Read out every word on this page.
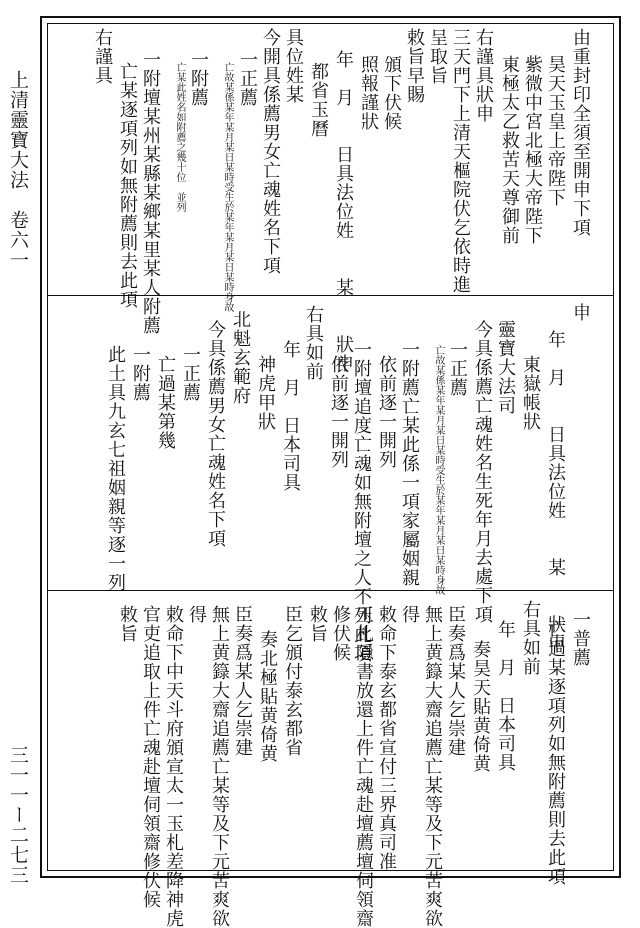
上清靈寶大法　卷六一
三一一ー二七三
由重封印全須至開申下項
昊天玉皇上帝陛下
紫微中宮北極大帝陛下
東極太乙救苦天尊御前
右謹具狀申
三天門下上清天樞院伏乞依時進
呈取旨
敕旨早賜
頒下伏候
照報謹狀
年　月　　日具法位姓　　某　　狀申
都省玉曆
具位姓某
今開具係薦男女亡魂姓名下項
一正薦
亡故某係某年某月某日某時受生於某年某月某日某時身故
一附薦
亡某此姓名如附薦之幾十位　並列
一附壇某州某縣某鄉某里某人附薦
亡某逐項列如無附薦則去此項
右謹具
申
年　月　　日具法位姓　　某　　狀申
東嶽帳狀
靈寶大法司
今具係薦亡魂姓名生死年月去處下項
一正薦
亡故某係某年某月某日某時受生於某年某月某日某時身故
一附薦亡某此係一項家屬姻親
依前逐一開列
一附壇追度亡魂如無附壇之人不列此項
依前逐一開列
右具如前
年　月　日本司具
神虎甲狀
北魁玄範府
今具係薦男女亡魂姓名下項
一正薦
亡過某第幾
一附薦
此土具九玄七祖姻親等逐一列
一普薦
亡過某逐項列如無附薦則去此項
右具如前
年　月　日本司具
奏昊天貼黄倚黄
臣奏爲某人乞崇建
無上黄籙大齋追薦亡某等及下元苦爽欲
得
敕命下泰玄都省宣付三界真司准
玉札隱書放還上件亡魂赴壇薦壇伺領齋
修伏候
敕旨
臣乞頒付泰玄都省
奏北極貼黄倚黄
臣奏爲某人乞崇建
無上黄籙大齋追薦亡某等及下元苦爽欲
得
敕命下中天斗府頒宣太一玉札差降神虎
官吏追取上件亡魂赴壇伺領齋修伏候
敕旨
